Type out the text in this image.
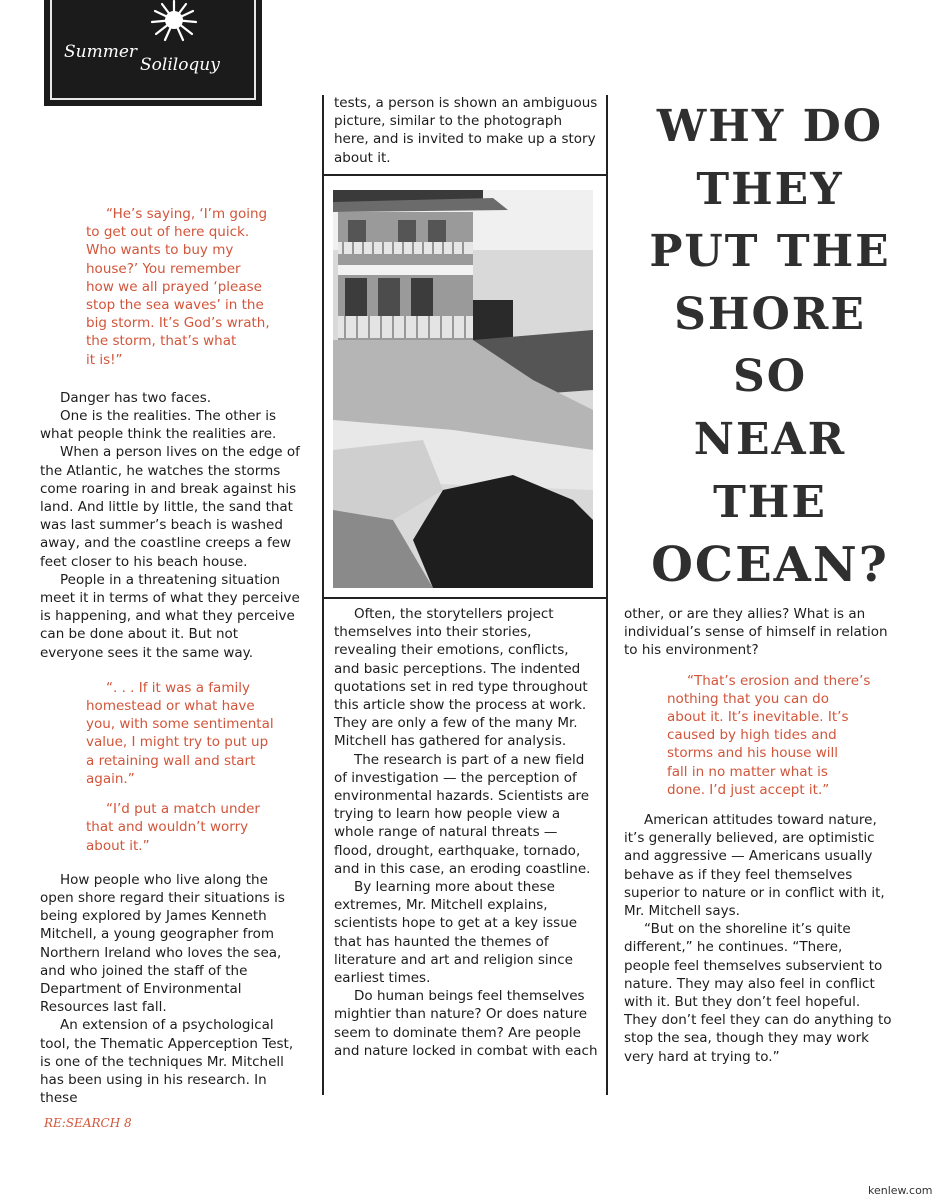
Summer
Soliloquy

“He’s saying, ‘I’m going
to get out of here quick.
Who wants to buy my
house?’ You remember
how we all prayed ‘please
stop the sea waves’ in the
big storm. It’s God’s wrath,
the storm, that’s what
it is!”

Danger has two faces.

One is the realities. The other is what people think the realities are.

When a person lives on the edge of the Atlantic, he watches the storms come roaring in and break against his land. And little by little, the sand that was last summer’s beach is washed away, and the coastline creeps a few feet closer to his beach house.

People in a threatening situation meet it in terms of what they perceive is happening, and what they perceive can be done about it. But not everyone sees it the same way.

“. . . If it was a family
homestead or what have
you, with some sentimental
value, I might try to put up
a retaining wall and start
again.”

“I’d put a match under
that and wouldn’t worry
about it.”

How people who live along the open shore regard their situations is being explored by James Kenneth Mitchell, a young geographer from Northern Ireland who loves the sea, and who joined the staff of the Department of Environmental Resources last fall.

An extension of a psychological tool, the Thematic Apperception Test, is one of the techniques Mr. Mitchell has been using in his research. In these

tests, a person is shown an ambiguous picture, similar to the photograph here, and is invited to make up a story about it.

Often, the storytellers project themselves into their stories, revealing their emotions, conflicts, and basic perceptions. The indented quotations set in red type throughout this article show the process at work. They are only a few of the many Mr. Mitchell has gathered for analysis.

The research is part of a new field of investigation — the perception of environmental hazards. Scientists are trying to learn how people view a whole range of natural threats — flood, drought, earthquake, tornado, and in this case, an eroding coastline.

By learning more about these extremes, Mr. Mitchell explains, scientists hope to get at a key issue that has haunted the themes of literature and art and religion since earliest times.

Do human beings feel themselves mightier than nature? Or does nature seem to dominate them? Are people and nature locked in combat with each

WHY DO
THEY
PUT THE
SHORE
SO
NEAR
THE
OCEAN?

other, or are they allies? What is an individual’s sense of himself in relation to his environment?

“That’s erosion and there’s
nothing that you can do
about it. It’s inevitable. It’s
caused by high tides and
storms and his house will
fall in no matter what is
done. I’d just accept it.”

American attitudes toward nature, it’s generally believed, are optimistic and aggressive — Americans usually behave as if they feel themselves superior to nature or in conflict with it, Mr. Mitchell says.

“But on the shoreline it’s quite different,” he continues. “There, people feel themselves subservient to nature. They may also feel in conflict with it. But they don’t feel hopeful. They don’t feel they can do anything to stop the sea, though they may work very hard at trying to.”

RE:SEARCH 8
kenlew.com
